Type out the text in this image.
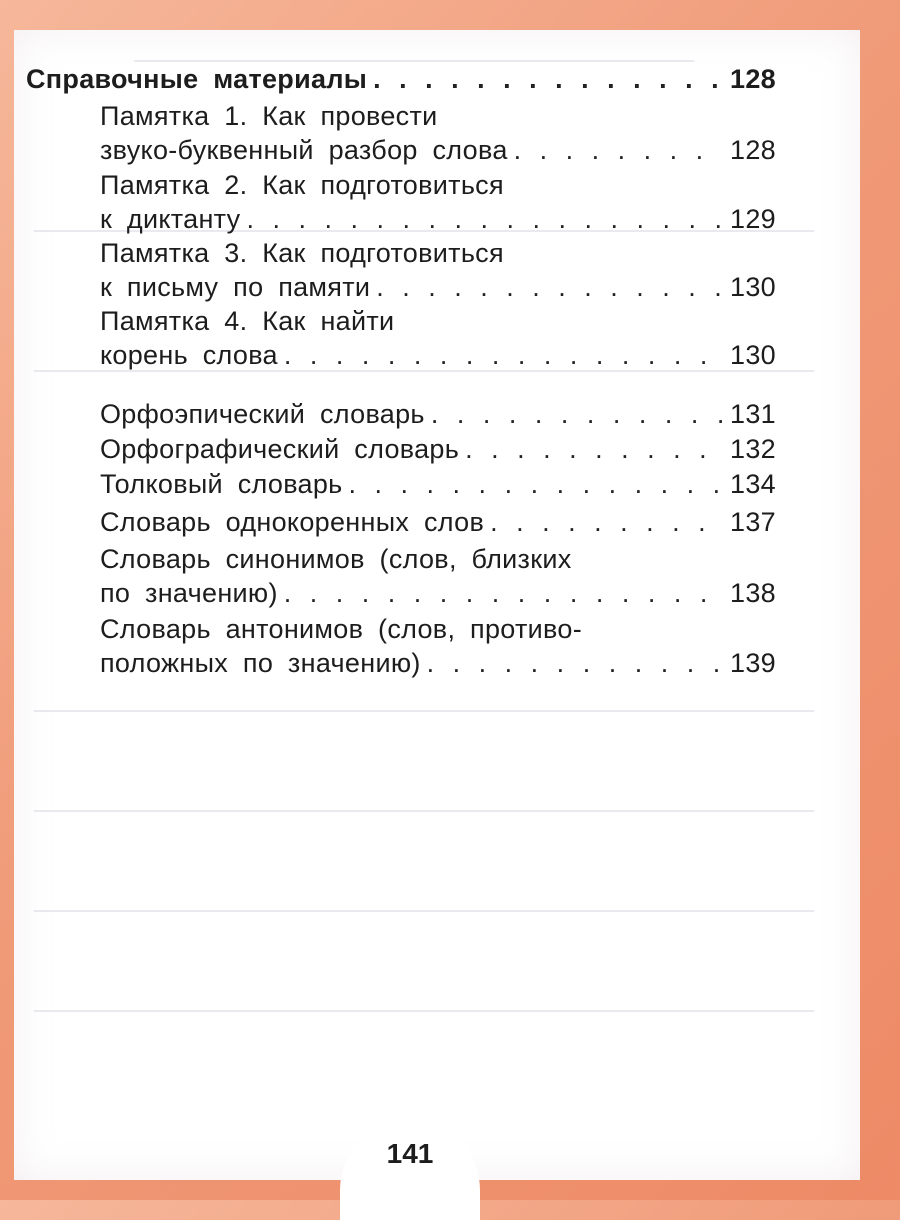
Справочные материалы . . .	128
Памятка 1. Как провести
звуко-буквенный разбор слова . . .	128
Памятка 2. Как подготовиться
к диктанту . . .	129
Памятка 3. Как подготовиться
к письму по памяти . . .	130
Памятка 4. Как найти
корень слова . . .	130
Орфоэпический словарь . . .	131
Орфографический словарь . . .	132
Толковый словарь . . .	134
Словарь однокоренных слов . . .	137
Словарь синонимов (слов, близких
по значению) . . .	138
Словарь антонимов (слов, противо-
положных по значению) . . .	139
141
